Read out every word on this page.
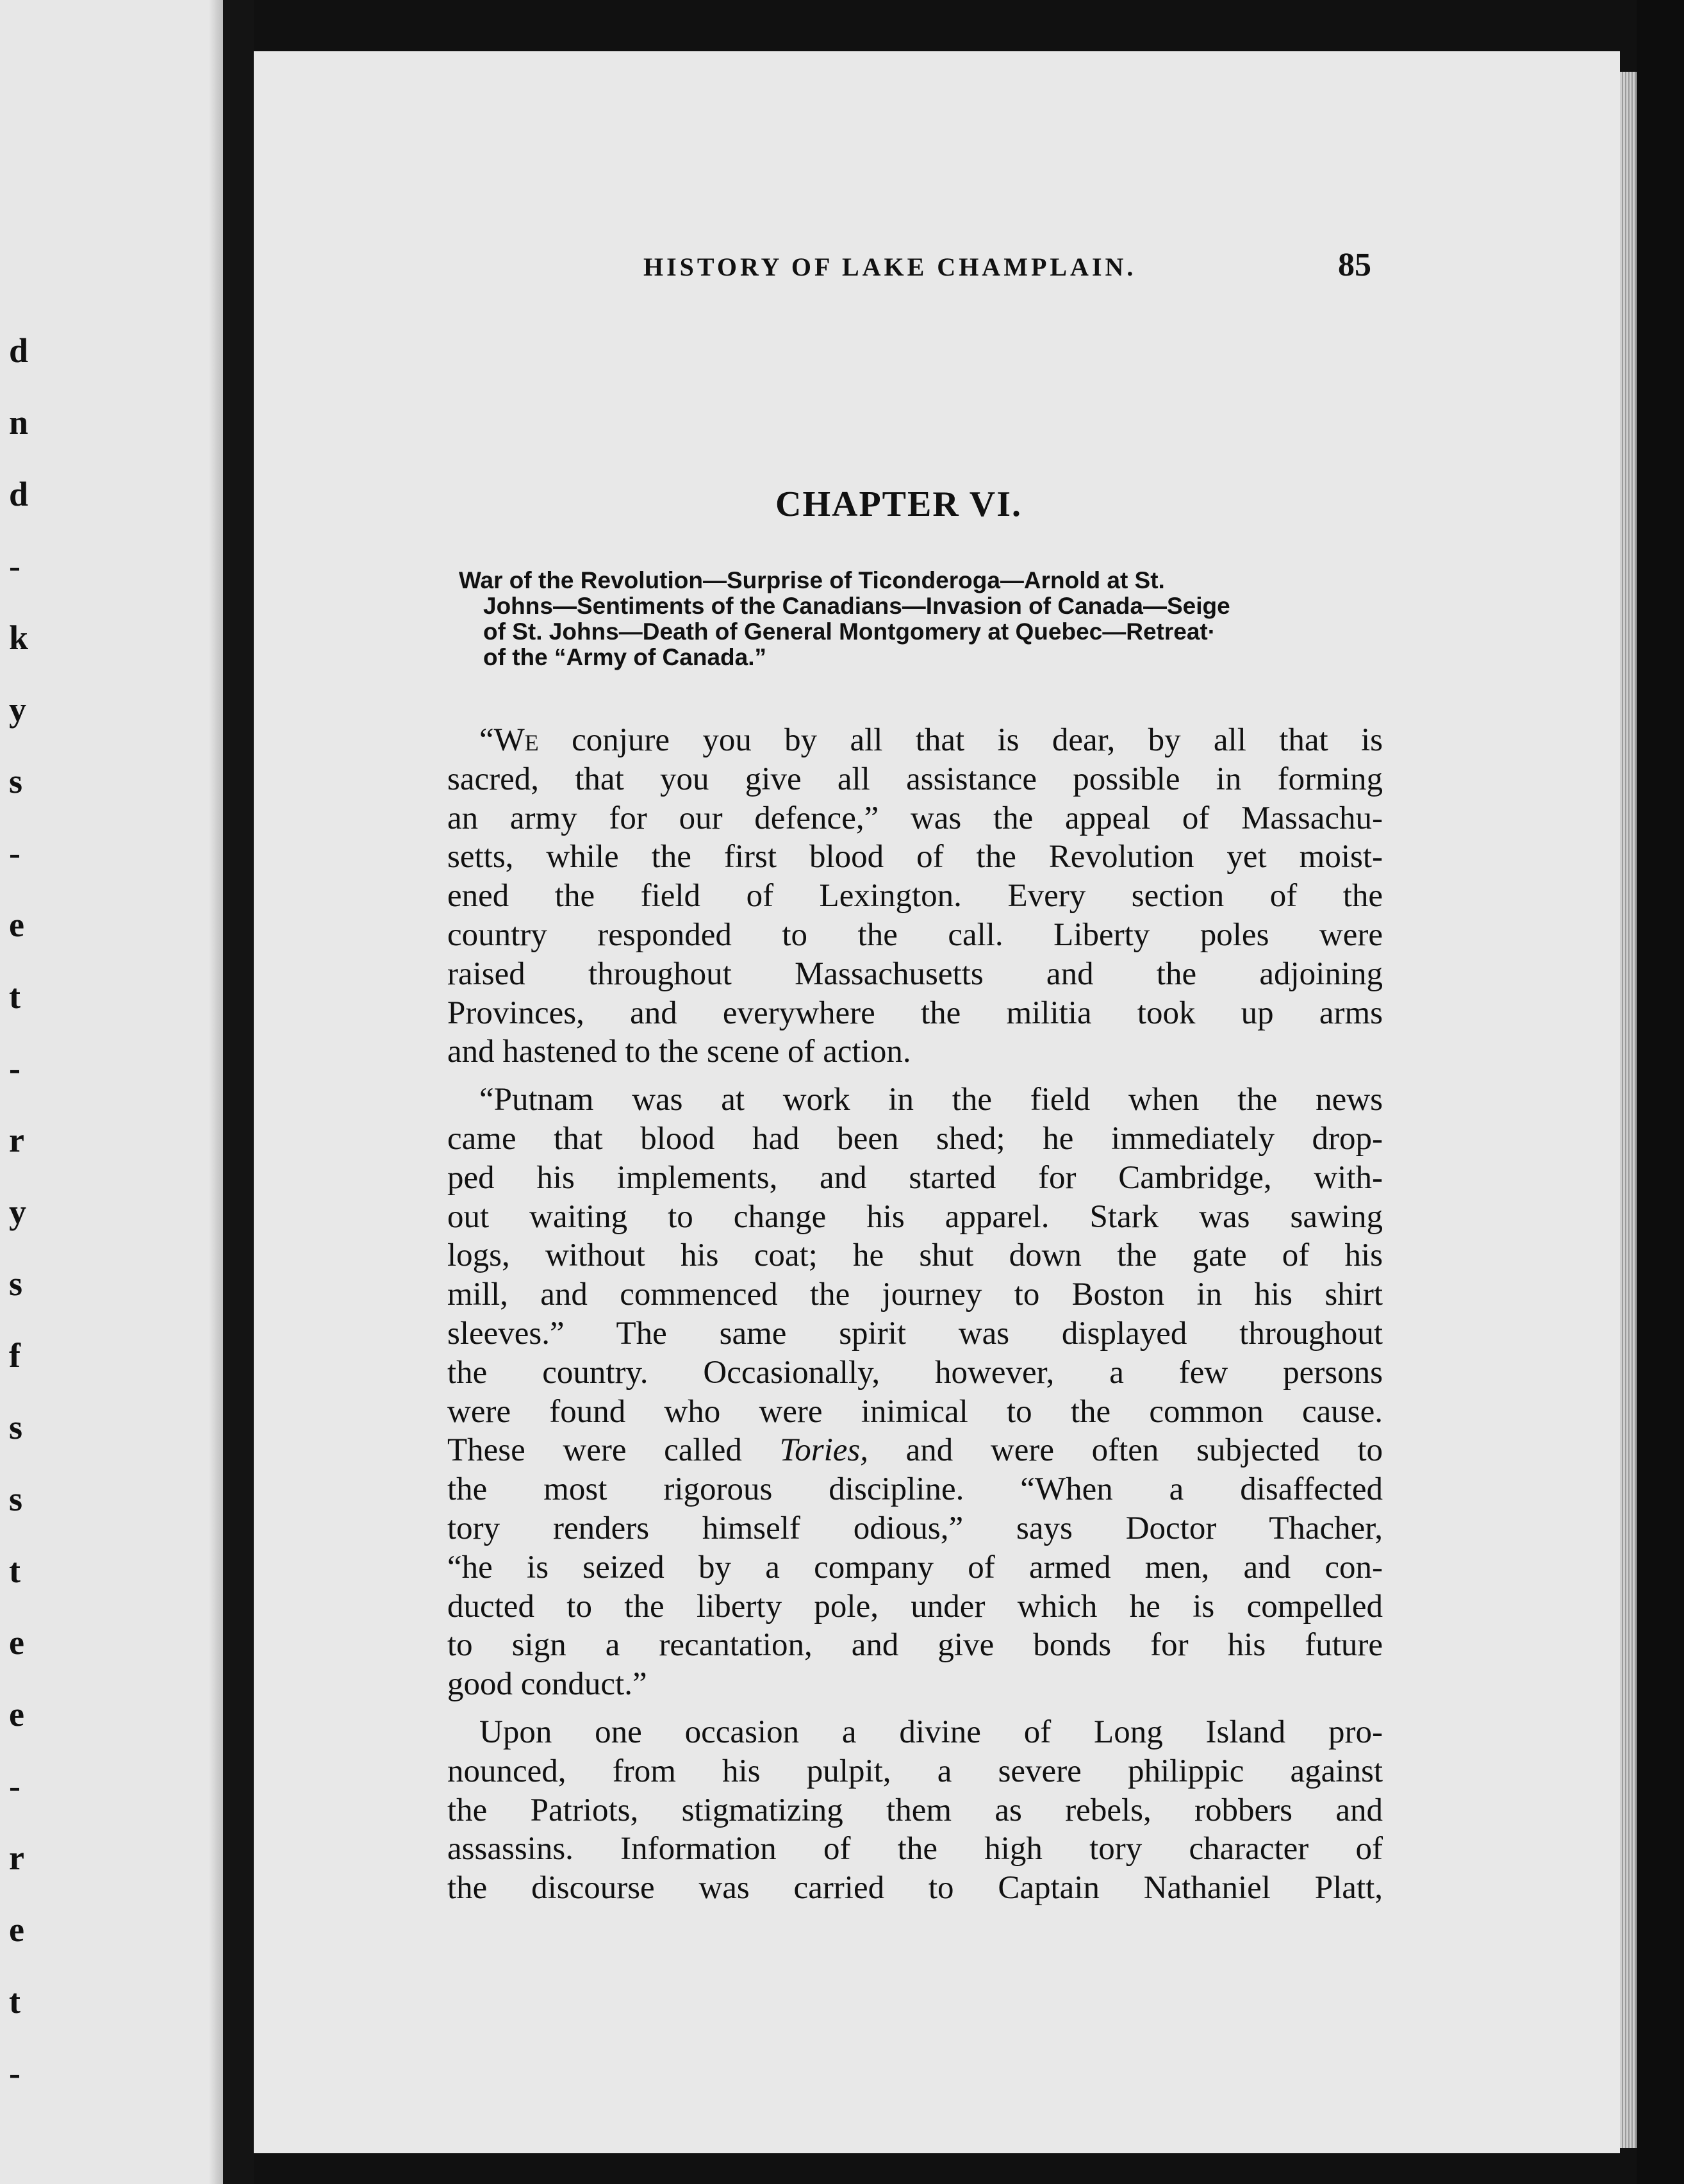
d
n
d
-
k
y
s
-
e
t
-
r
y
s
f
s
s
t
e
e
-
r
e
t
-
HISTORY OF LAKE CHAMPLAIN.	85
CHAPTER VI.
War of the Revolution—Surprise of Ticonderoga—Arnold at St.
Johns—Sentiments of the Canadians—Invasion of Canada—Seige
of St. Johns—Death of General Montgomery at Quebec—Retreat·
of the “Army of Canada.”
“We conjure you by all that is dear, by all that is
sacred, that you give all assistance possible in forming
an army for our defence,” was the appeal of Massachu-
setts, while the first blood of the Revolution yet moist-
ened the field of Lexington. Every section of the
country responded to the call. Liberty poles were
raised throughout Massachusetts and the adjoining
Provinces, and everywhere the militia took up arms
and hastened to the scene of action.
“Putnam was at work in the field when the news
came that blood had been shed; he immediately drop-
ped his implements, and started for Cambridge, with-
out waiting to change his apparel. Stark was sawing
logs, without his coat; he shut down the gate of his
mill, and commenced the journey to Boston in his shirt
sleeves.” The same spirit was displayed throughout
the country. Occasionally, however, a few persons
were found who were inimical to the common cause.
These were called Tories, and were often subjected to
the most rigorous discipline. “When a disaffected
tory renders himself odious,” says Doctor Thacher,
“he is seized by a company of armed men, and con-
ducted to the liberty pole, under which he is compelled
to sign a recantation, and give bonds for his future
good conduct.”
Upon one occasion a divine of Long Island pro-
nounced, from his pulpit, a severe philippic against
the Patriots, stigmatizing them as rebels, robbers and
assassins. Information of the high tory character of
the discourse was carried to Captain Nathaniel Platt,
